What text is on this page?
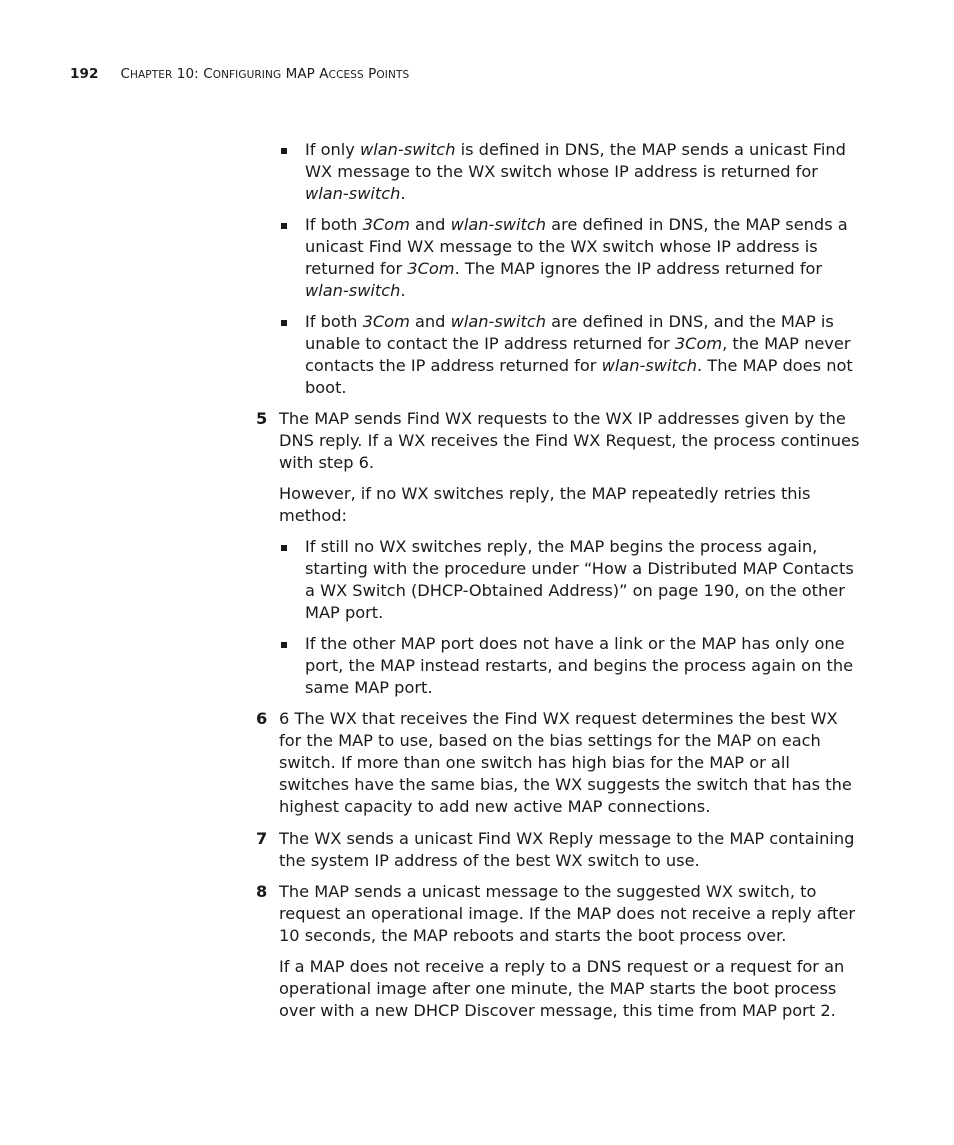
192 CHAPTER 10: CONFIGURING MAP ACCESS POINTS
If only wlan-switch is defined in DNS, the MAP sends a unicast Find WX message to the WX switch whose IP address is returned for wlan-switch.
If both 3Com and wlan-switch are defined in DNS, the MAP sends a unicast Find WX message to the WX switch whose IP address is returned for 3Com. The MAP ignores the IP address returned for wlan-switch.
If both 3Com and wlan-switch are defined in DNS, and the MAP is unable to contact the IP address returned for 3Com, the MAP never contacts the IP address returned for wlan-switch. The MAP does not boot.
5 The MAP sends Find WX requests to the WX IP addresses given by the DNS reply. If a WX receives the Find WX Request, the process continues with step 6.
However, if no WX switches reply, the MAP repeatedly retries this method:
If still no WX switches reply, the MAP begins the process again, starting with the procedure under “How a Distributed MAP Contacts a WX Switch (DHCP-Obtained Address)” on page 190, on the other MAP port.
If the other MAP port does not have a link or the MAP has only one port, the MAP instead restarts, and begins the process again on the same MAP port.
6 6 The WX that receives the Find WX request determines the best WX for the MAP to use, based on the bias settings for the MAP on each switch. If more than one switch has high bias for the MAP or all switches have the same bias, the WX suggests the switch that has the highest capacity to add new active MAP connections.
7 The WX sends a unicast Find WX Reply message to the MAP containing the system IP address of the best WX switch to use.
8 The MAP sends a unicast message to the suggested WX switch, to request an operational image. If the MAP does not receive a reply after 10 seconds, the MAP reboots and starts the boot process over.
If a MAP does not receive a reply to a DNS request or a request for an operational image after one minute, the MAP starts the boot process over with a new DHCP Discover message, this time from MAP port 2.
